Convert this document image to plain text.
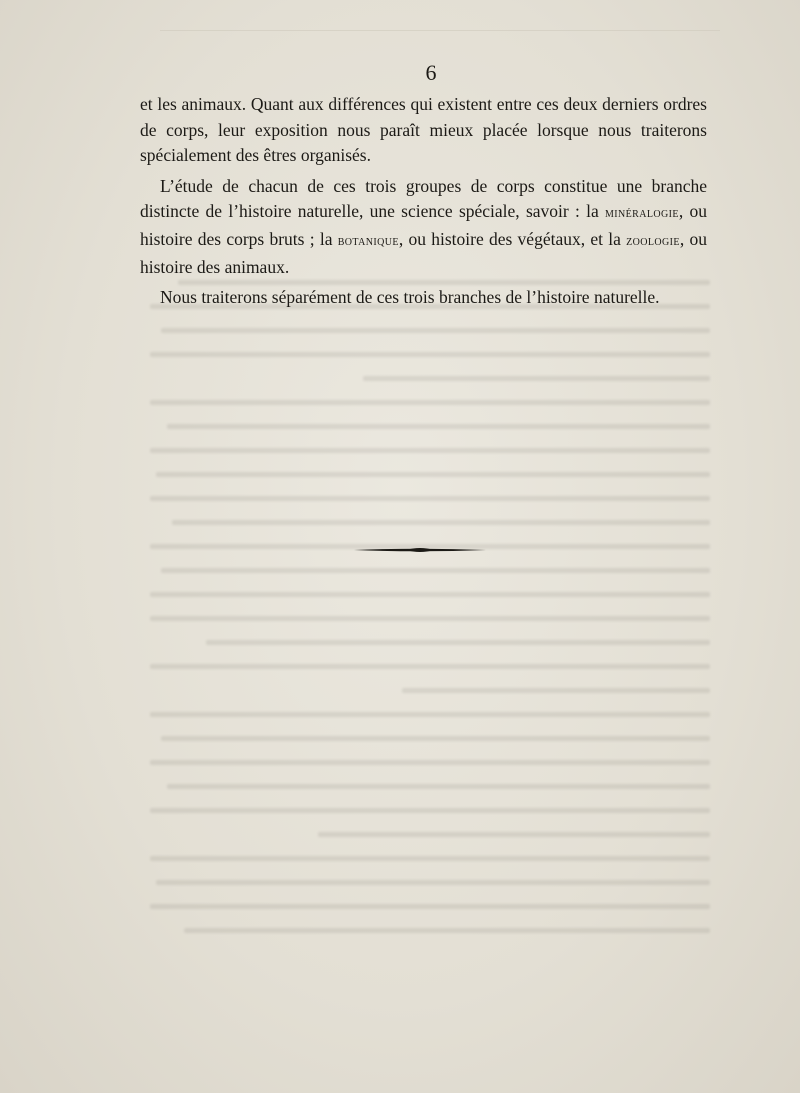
6

et les animaux. Quant aux différences qui existent entre ces deux derniers ordres de corps, leur exposition nous paraît mieux placée lorsque nous traiterons spécialement des êtres organisés.

L’étude de chacun de ces trois groupes de corps constitue une branche distincte de l’histoire naturelle, une science spéciale, savoir : la minéralogie, ou histoire des corps bruts ; la botanique, ou histoire des végétaux, et la zoologie, ou histoire des animaux.

Nous traiterons séparément de ces trois branches de l’histoire naturelle.
